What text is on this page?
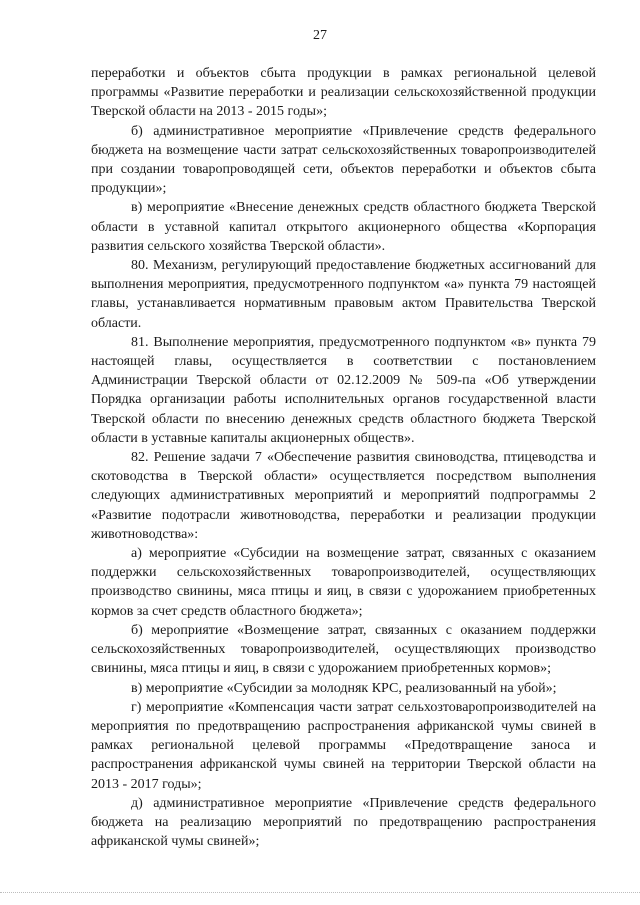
27

переработки и объектов сбыта продукции в рамках региональной целевой программы «Развитие переработки и реализации сельскохозяйственной продукции Тверской области на 2013 - 2015 годы»;

б) административное мероприятие «Привлечение средств федерального бюджета на возмещение части затрат сельскохозяйственных товаропроизводителей при создании товаропроводящей сети, объектов переработки и объектов сбыта продукции»;

в) мероприятие «Внесение денежных средств областного бюджета Тверской области в уставной капитал открытого акционерного общества «Корпорация развития сельского хозяйства Тверской области».

80. Механизм, регулирующий предоставление бюджетных ассигнований для выполнения мероприятия, предусмотренного подпунктом «а» пункта 79 настоящей главы, устанавливается нормативным правовым актом Правительства Тверской области.

81. Выполнение мероприятия, предусмотренного подпунктом «в» пункта 79 настоящей главы, осуществляется в соответствии с постановлением Администрации Тверской области от 02.12.2009 № 509-па «Об утверждении Порядка организации работы исполнительных органов государственной власти Тверской области по внесению денежных средств областного бюджета Тверской области в уставные капиталы акционерных обществ».

82. Решение задачи 7 «Обеспечение развития свиноводства, птицеводства и скотоводства в Тверской области» осуществляется посредством выполнения следующих административных мероприятий и мероприятий подпрограммы 2 «Развитие подотрасли животноводства, переработки и реализации продукции животноводства»:

а) мероприятие «Субсидии на возмещение затрат, связанных с оказанием поддержки сельскохозяйственных товаропроизводителей, осуществляющих производство свинины, мяса птицы и яиц, в связи с удорожанием приобретенных кормов за счет средств областного бюджета»;

б) мероприятие «Возмещение затрат, связанных с оказанием поддержки сельскохозяйственных товаропроизводителей, осуществляющих производство свинины, мяса птицы и яиц, в связи с удорожанием приобретенных кормов»;

в) мероприятие «Субсидии за молодняк КРС, реализованный на убой»;

г) мероприятие «Компенсация части затрат сельхозтоваропроизводителей на мероприятия по предотвращению распространения африканской чумы свиней в рамках региональной целевой программы «Предотвращение заноса и распространения африканской чумы свиней на территории Тверской области на 2013 - 2017 годы»;

д) административное мероприятие «Привлечение средств федерального бюджета на реализацию мероприятий по предотвращению распространения африканской чумы свиней»;
